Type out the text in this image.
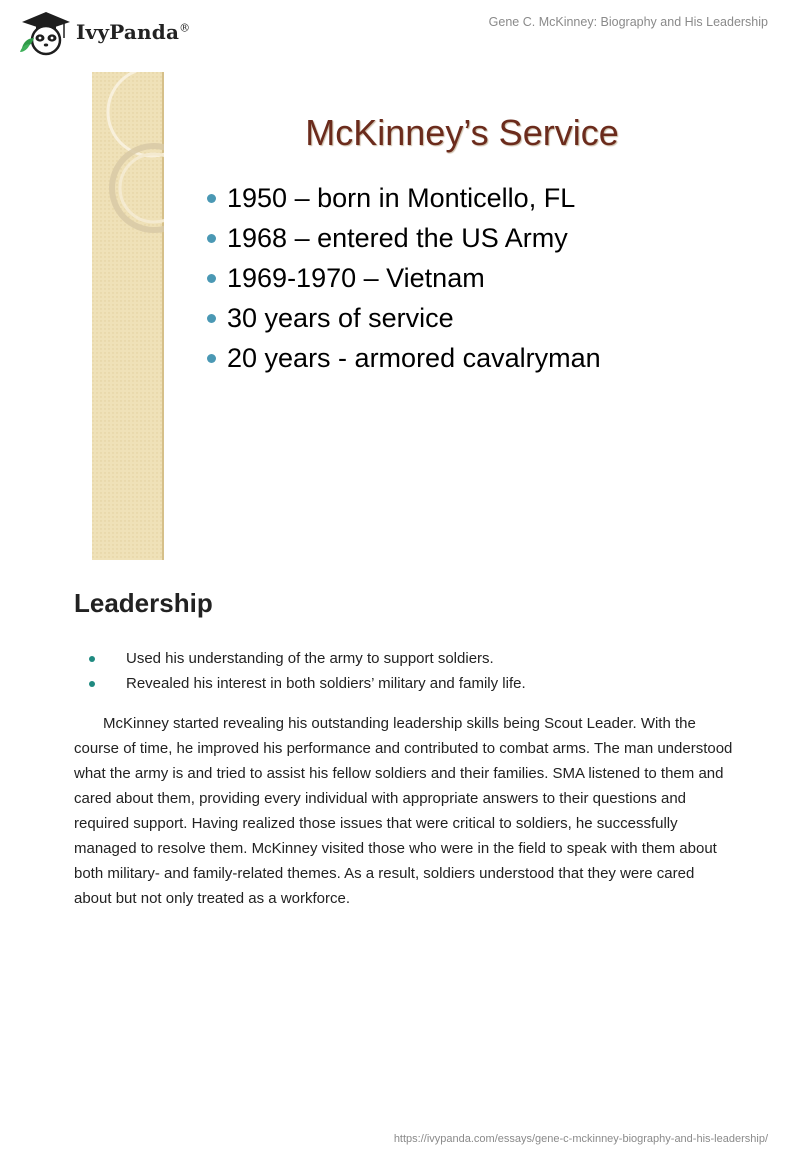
IvyPanda®	Gene C. McKinney: Biography and His Leadership
McKinney’s Service
1950 – born in Monticello, FL
1968 – entered the US Army
1969-1970 – Vietnam
30 years of service
20 years - armored cavalryman
Leadership
Used his understanding of the army to support soldiers.
Revealed his interest in both soldiers’ military and family life.

McKinney started revealing his outstanding leadership skills being Scout Leader. With the course of time, he improved his performance and contributed to combat arms. The man understood what the army is and tried to assist his fellow soldiers and their families. SMA listened to them and cared about them, providing every individual with appropriate answers to their questions and required support. Having realized those issues that were critical to soldiers, he successfully managed to resolve them. McKinney visited those who were in the field to speak with them about both military- and family-related themes. As a result, soldiers understood that they were cared about but not only treated as a workforce.

https://ivypanda.com/essays/gene-c-mckinney-biography-and-his-leadership/
